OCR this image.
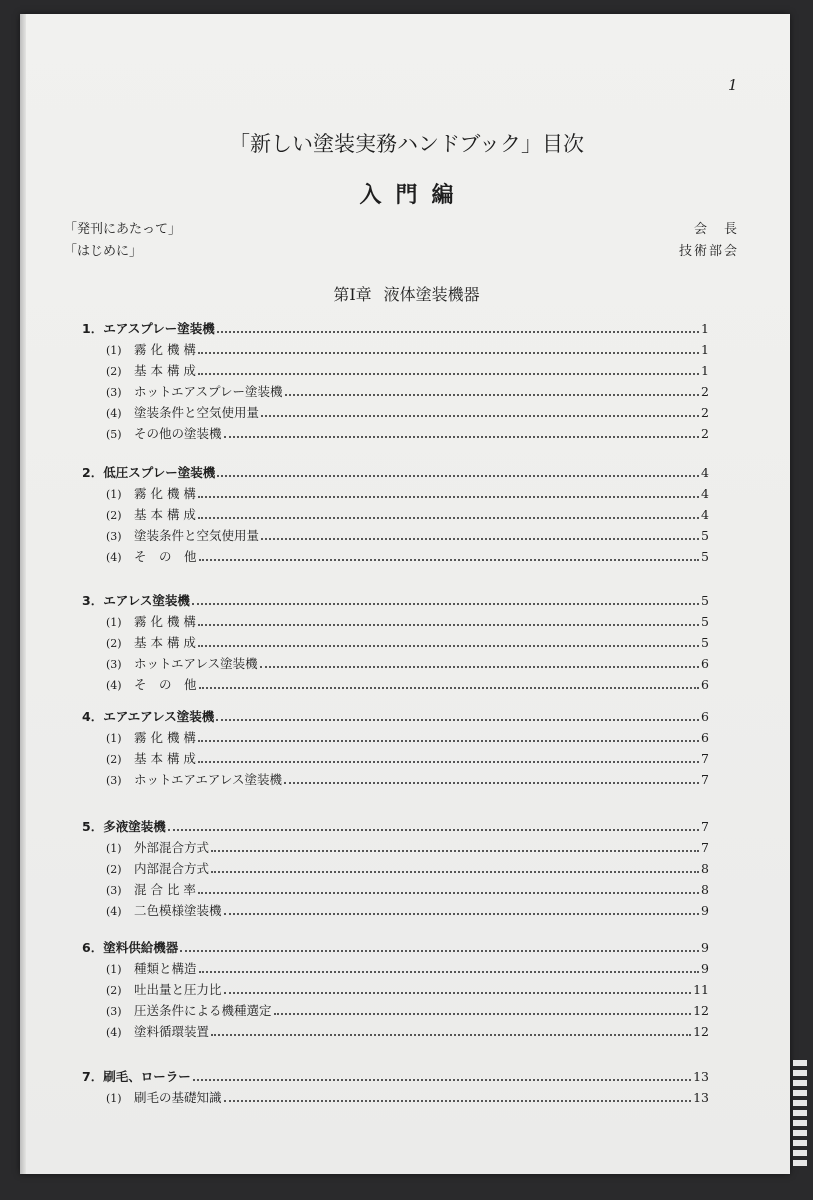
1
「新しい塗装実務ハンドブック」目次
入門編
「発刊にあたって」	会　長
「はじめに」	技術部会
第Ⅰ章 液体塗装機器
1．エアスプレー塗装機	1
(1) 霧 化 機 構	1
(2) 基 本 構 成	1
(3) ホットエアスプレー塗装機	2
(4) 塗装条件と空気使用量	2
(5) その他の塗装機	2
2．低圧スプレー塗装機	4
(1) 霧 化 機 構	4
(2) 基 本 構 成	4
(3) 塗装条件と空気使用量	5
(4) そ　の　他	5
3．エアレス塗装機	5
(1) 霧 化 機 構	5
(2) 基 本 構 成	5
(3) ホットエアレス塗装機	6
(4) そ　の　他	6
4．エアエアレス塗装機	6
(1) 霧 化 機 構	6
(2) 基 本 構 成	7
(3) ホットエアエアレス塗装機	7
5．多液塗装機	7
(1) 外部混合方式	7
(2) 内部混合方式	8
(3) 混 合 比 率	8
(4) 二色模様塗装機	9
6．塗料供給機器	9
(1) 種類と構造	9
(2) 吐出量と圧力比	11
(3) 圧送条件による機種選定	12
(4) 塗料循環装置	12
7．刷毛、ローラー	13
(1) 刷毛の基礎知識	13
